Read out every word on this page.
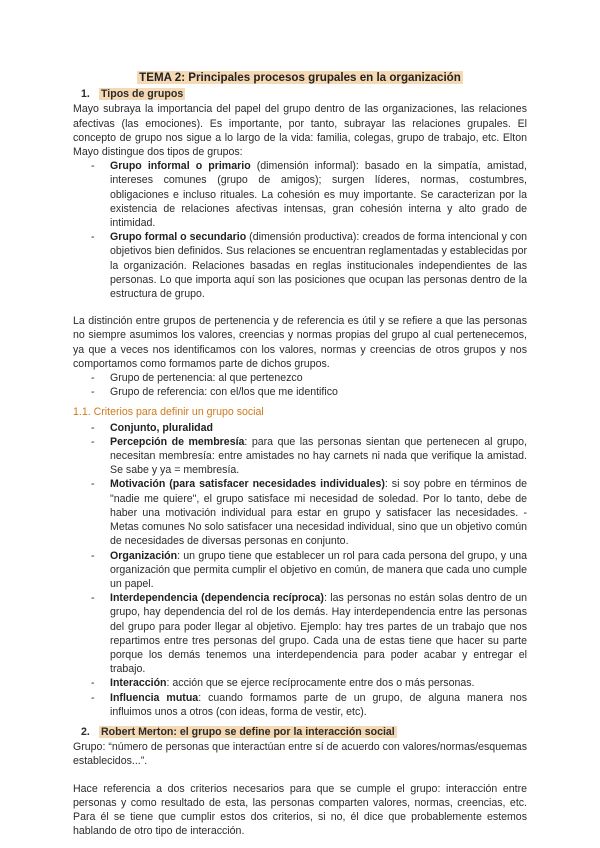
TEMA 2: Principales procesos grupales en la organización
1. Tipos de grupos

Mayo subraya la importancia del papel del grupo dentro de las organizaciones, las relaciones afectivas (las emociones). Es importante, por tanto, subrayar las relaciones grupales. El concepto de grupo nos sigue a lo largo de la vida: familia, colegas, grupo de trabajo, etc. Elton Mayo distingue dos tipos de grupos:

- Grupo informal o primario (dimensión informal): basado en la simpatía, amistad, intereses comunes (grupo de amigos); surgen líderes, normas, costumbres, obligaciones e incluso rituales. La cohesión es muy importante. Se caracterizan por la existencia de relaciones afectivas intensas, gran cohesión interna y alto grado de intimidad.
- Grupo formal o secundario (dimensión productiva): creados de forma intencional y con objetivos bien definidos. Sus relaciones se encuentran reglamentadas y establecidas por la organización. Relaciones basadas en reglas institucionales independientes de las personas. Lo que importa aquí son las posiciones que ocupan las personas dentro de la estructura de grupo.

La distinción entre grupos de pertenencia y de referencia es útil y se refiere a que las personas no siempre asumimos los valores, creencias y normas propias del grupo al cual pertenecemos, ya que a veces nos identificamos con los valores, normas y creencias de otros grupos y nos comportamos como formamos parte de dichos grupos.

- Grupo de pertenencia: al que pertenezco
- Grupo de referencia: con el/los que me identifico
1.1. Criterios para definir un grupo social
- Conjunto, pluralidad
- Percepción de membresía: para que las personas sientan que pertenecen al grupo, necesitan membresía: entre amistades no hay carnets ni nada que verifique la amistad. Se sabe y ya = membresía.
- Motivación (para satisfacer necesidades individuales): si soy pobre en términos de "nadie me quiere", el grupo satisface mi necesidad de soledad. Por lo tanto, debe de haber una motivación individual para estar en grupo y satisfacer las necesidades. - Metas comunes No solo satisfacer una necesidad individual, sino que un objetivo común de necesidades de diversas personas en conjunto.
- Organización: un grupo tiene que establecer un rol para cada persona del grupo, y una organización que permita cumplir el objetivo en común, de manera que cada uno cumple un papel.
- Interdependencia (dependencia recíproca): las personas no están solas dentro de un grupo, hay dependencia del rol de los demás. Hay interdependencia entre las personas del grupo para poder llegar al objetivo. Ejemplo: hay tres partes de un trabajo que nos repartimos entre tres personas del grupo. Cada una de estas tiene que hacer su parte porque los demás tenemos una interdependencia para poder acabar y entregar el trabajo.
- Interacción: acción que se ejerce recíprocamente entre dos o más personas.
- Influencia mutua: cuando formamos parte de un grupo, de alguna manera nos influimos unos a otros (con ideas, forma de vestir, etc).
2. Robert Merton: el grupo se define por la interacción social

Grupo: “número de personas que interactúan entre sí de acuerdo con valores/normas/esquemas establecidos...”.

Hace referencia a dos criterios necesarios para que se cumple el grupo: interacción entre personas y como resultado de esta, las personas comparten valores, normas, creencias, etc. Para él se tiene que cumplir estos dos criterios, si no, él dice que probablemente estemos hablando de otro tipo de interacción.
